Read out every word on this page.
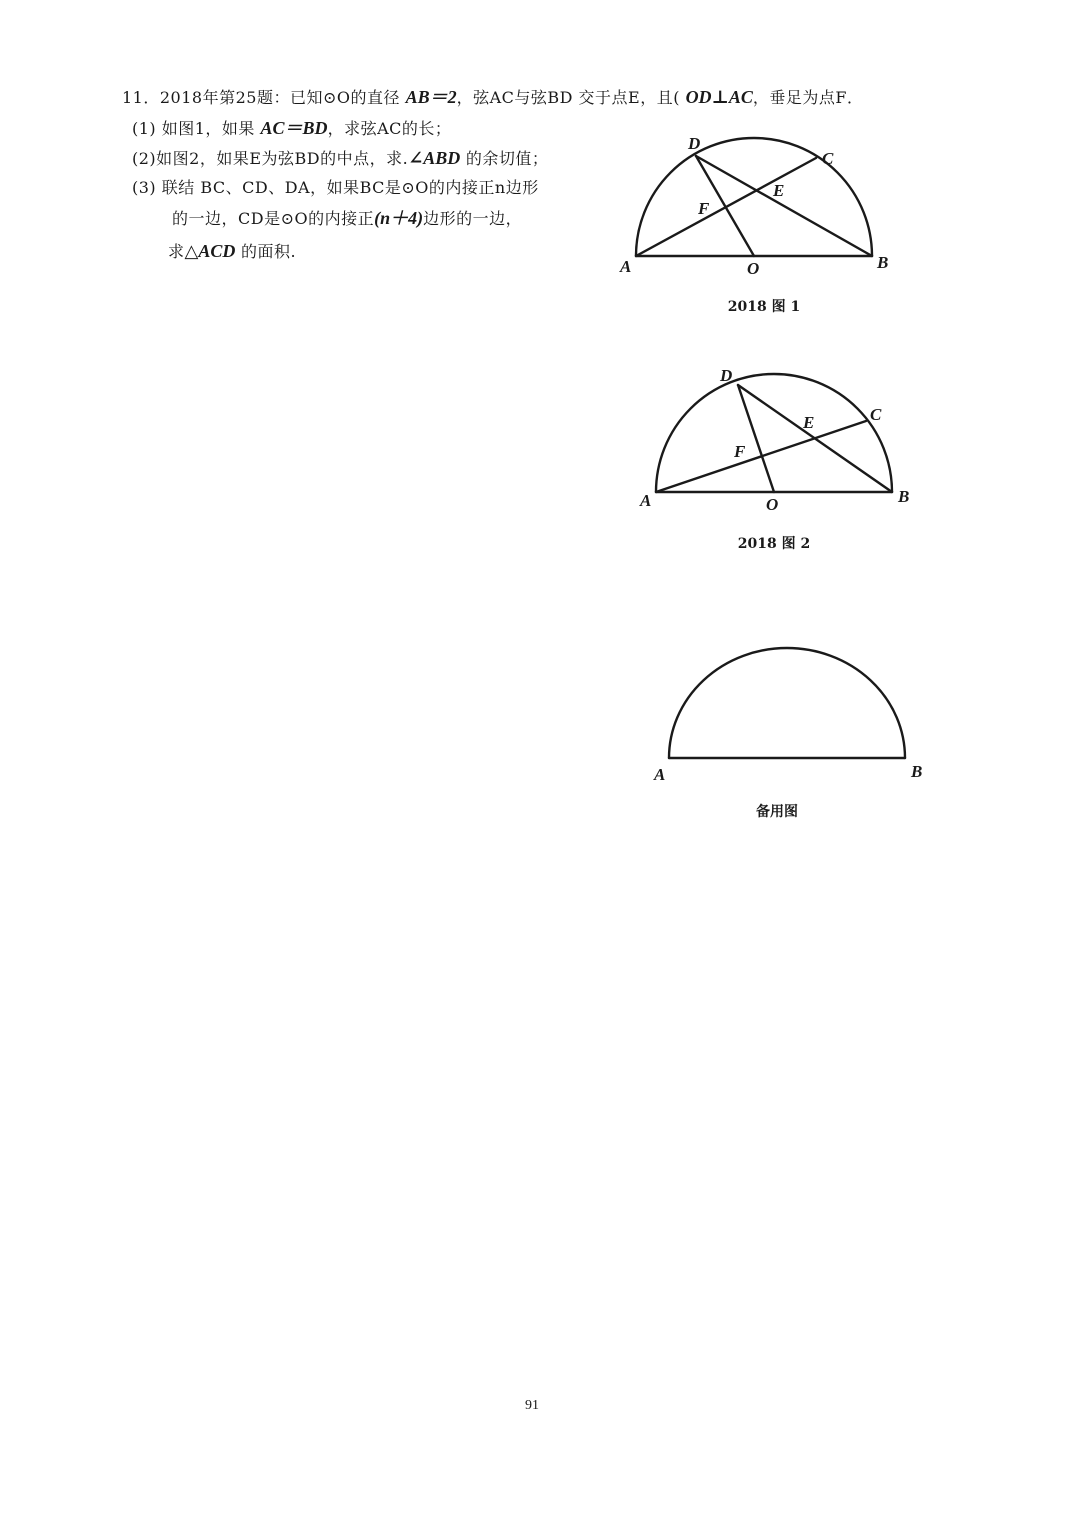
11．2018年第25题：已知⊙O的直径 AB＝2，弦AC与弦BD 交于点E，且( OD⊥AC，垂足为点F．

(1) 如图1，如果 AC＝BD，求弦AC的长；

(2)如图2，如果E为弦BD的中点，求.∠ABD 的余切值；

(3) 联结 BC、CD、DA，如果BC是⊙O的内接正n边形

的一边，CD是⊙O的内接正(n＋4)边形的一边，

求△ACD 的面积.

D
C
E
F
A	O	B
2018 图 1
D
C
E
F
A	O	B
2018 图 2
A	B
备用图
91
